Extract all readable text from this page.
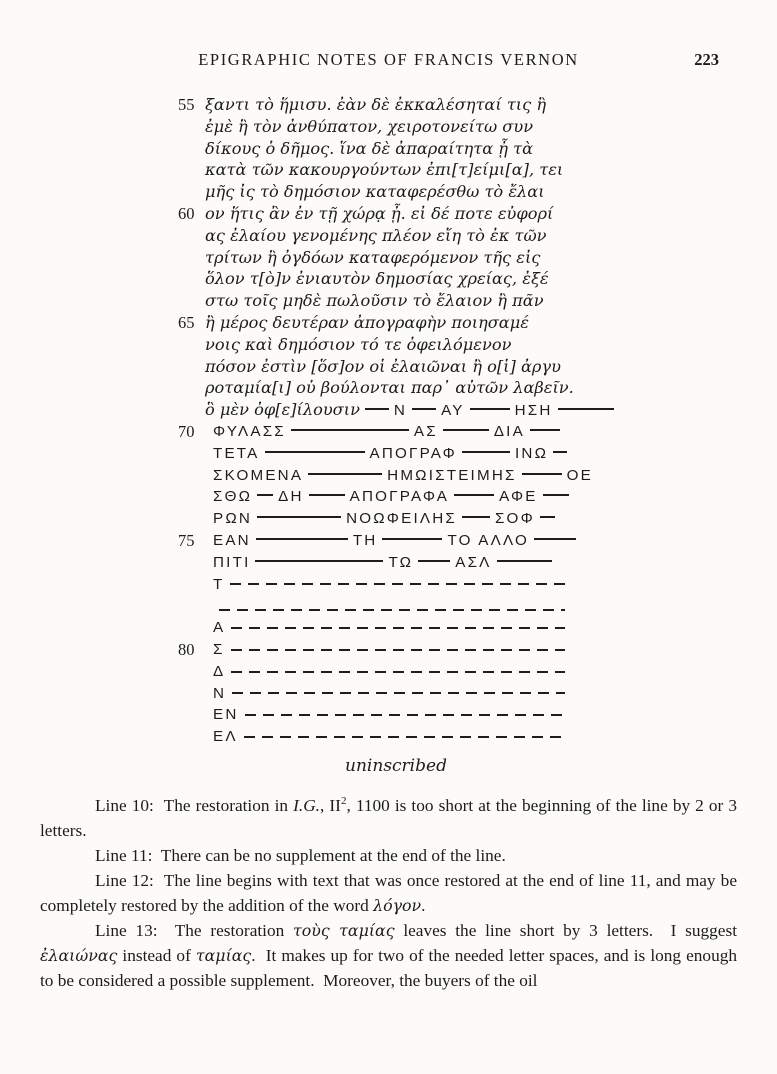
EPIGRAPHIC NOTES OF FRANCIS VERNON	223
55 ξαντι τὸ ἥμισυ. ἐὰν δὲ ἐκκαλέσηταί τις ἢ
ἐμὲ ἢ τὸν ἀνθύπατον, χειροτονείτω συν
δίκους ὁ δῆμος. ἵνα δὲ ἀπαραίτητα ᾖ τὰ
κατὰ τῶν κακουργούντων ἐπι[τ]είμι[α], τει
μῆς ἰς τὸ δημόσιον καταφερέσθω τὸ ἔλαι
60 ον ἥτις ἂν ἐν τῇ χώρᾳ ᾖ. εἰ δέ ποτε εὐφορί
ας ἐλαίου γενομένης πλέον εἴη τὸ ἐκ τῶν
τρίτων ἢ ὀγδόων καταφερόμενον τῆς εἰς
ὅλον τ[ὸ]ν ἐνιαυτὸν δημοσίας χρείας, ἐξέ
στω τοῖς μηδὲ πωλοῦσιν τὸ ἔλαιον ἢ πᾶν
65 ἢ μέρος δευτέραν ἀπογραφὴν ποιησαμέ
νοις καὶ δημόσιον τό τε ὀφειλόμενον
πόσον ἐστὶν [ὅσ]ον οἱ ἐλαιῶναι ἢ ο[ἱ] ἀργυ
ροταμία[ι] οὐ βούλονται παρ᾽ αὐτῶν λαβεῖν.
ὃ μὲν ὀφ[ε]ίλουσιν Ν ΑΥ	ΗΣΗ
70 ΦΥΛΑΣΣ	ΑΣ	ΔΙΑ
ΤΕΤΑ	ΑΠΟΓΡΑΦ	ΙΝΩ
ΣΚΟΜΕΝΑ	ΗΜΩΙΣΤΕΙΜΗΣ	ΟΕ
ΣΘΩ ΔΗ	ΑΠΟΓΡΑΦΑ	ΑΦΕ
ΡΩΝ	ΝΟΩΦΕΙΛΗΣ	ΣΟΦ
75 ΕΑΝ	ΤΗ	ΤΟ ΑΛΛΟ
ΠΙΤΙ	ΤΩ	ΑΣΛ
Τ
Α
80 Σ
Δ
Ν
ΕΝ
ΕΛ
uninscribed

Line 10:  The restoration in I.G., $II^2$, 1100 is too short at the beginning of the line by 2 or 3 letters.

Line 11:  There can be no supplement at the end of the line.

Line 12:  The line begins with text that was once restored at the end of line 11, and may be completely restored by the addition of the word λόγον.

Line 13:  The restoration τοὺς ταμίας leaves the line short by 3 letters.  I suggest ἐλαιώνας instead of ταμίας.  It makes up for two of the needed letter spaces, and is long enough to be considered a possible supplement.  Moreover, the buyers of the oil
